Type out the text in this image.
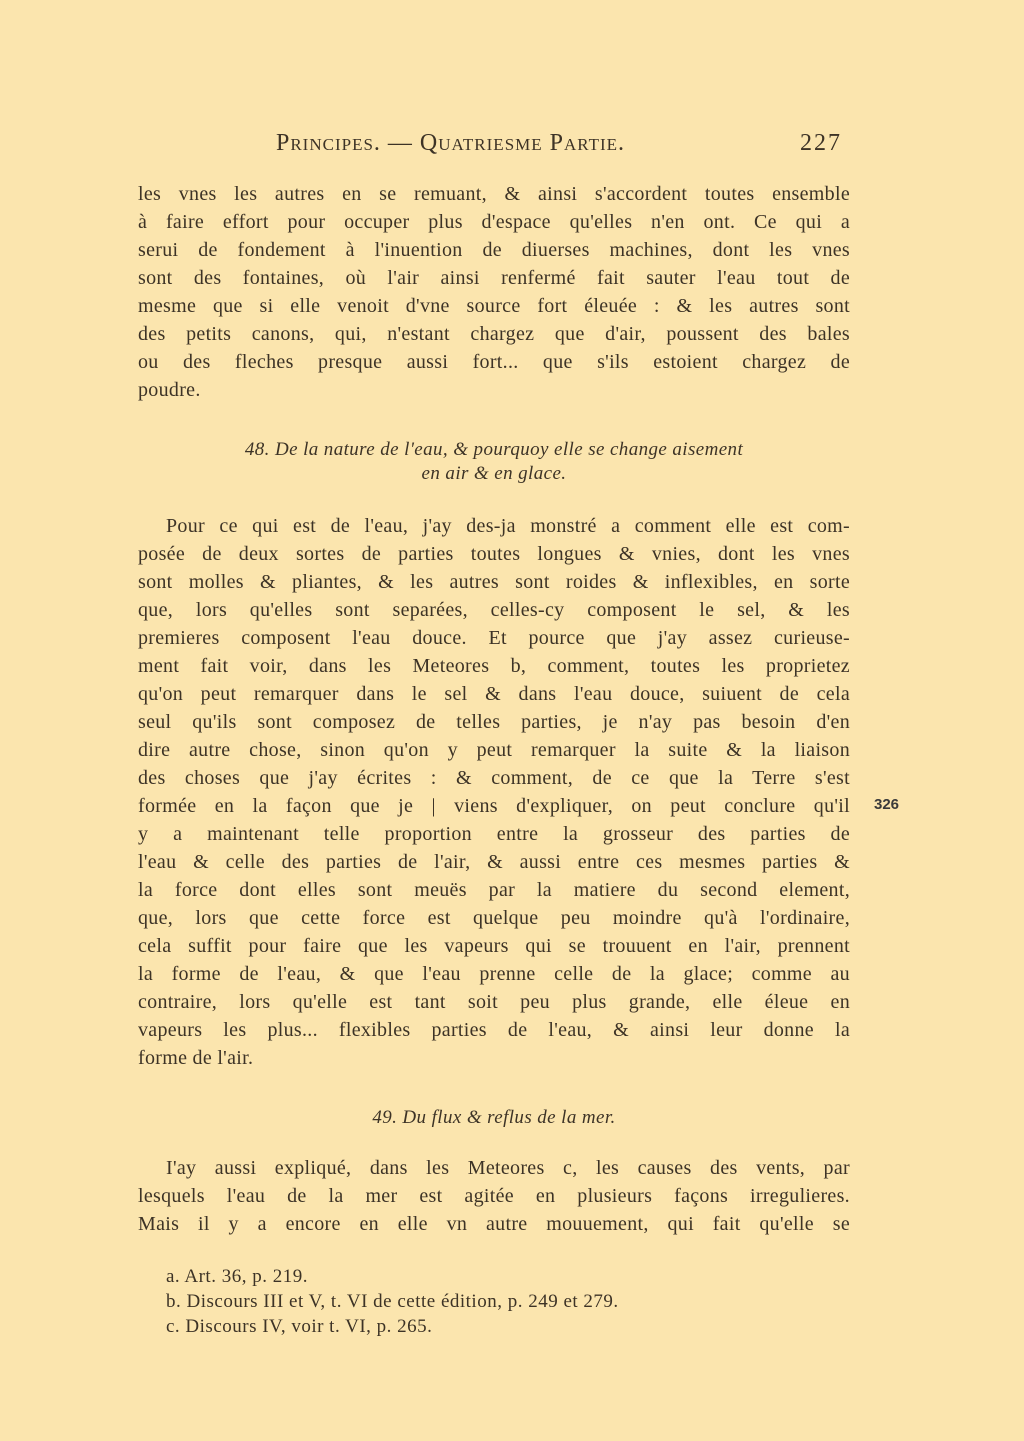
Principes. — Quatriesme Partie.	227
les vnes les autres en se remuant, & ainsi s'accordent toutes ensemble
à faire effort pour occuper plus d'espace qu'elles n'en ont. Ce qui a
serui de fondement à l'inuention de diuerses machines, dont les vnes
sont des fontaines, où l'air ainsi renfermé fait sauter l'eau tout de
mesme que si elle venoit d'vne source fort éleuée : & les autres sont
des petits canons, qui, n'estant chargez que d'air, poussent des bales
ou des fleches presque aussi fort... que s'ils estoient chargez de
poudre.
48. De la nature de l'eau, & pourquoy elle se change aisement
en air & en glace.
Pour ce qui est de l'eau, j'ay des-ja monstré a comment elle est com-
posée de deux sortes de parties toutes longues & vnies, dont les vnes
sont molles & pliantes, & les autres sont roides & inflexibles, en sorte
que, lors qu'elles sont separées, celles-cy composent le sel, & les
premieres composent l'eau douce. Et pource que j'ay assez curieuse-
ment fait voir, dans les Meteores b, comment, toutes les proprietez
qu'on peut remarquer dans le sel & dans l'eau douce, suiuent de cela
seul qu'ils sont composez de telles parties, je n'ay pas besoin d'en
dire autre chose, sinon qu'on y peut remarquer la suite & la liaison
des choses que j'ay écrites : & comment, de ce que la Terre s'est
formée en la façon que je | viens d'expliquer, on peut conclure qu'il
y a maintenant telle proportion entre la grosseur des parties de
l'eau & celle des parties de l'air, & aussi entre ces mesmes parties &
la force dont elles sont meuës par la matiere du second element,
que, lors que cette force est quelque peu moindre qu'à l'ordinaire,
cela suffit pour faire que les vapeurs qui se trouuent en l'air, prennent
la forme de l'eau, & que l'eau prenne celle de la glace; comme au
contraire, lors qu'elle est tant soit peu plus grande, elle éleue en
vapeurs les plus... flexibles parties de l'eau, & ainsi leur donne la
forme de l'air.
326
49. Du flux & reflus de la mer.
I'ay aussi expliqué, dans les Meteores c, les causes des vents, par
lesquels l'eau de la mer est agitée en plusieurs façons irregulieres.
Mais il y a encore en elle vn autre mouuement, qui fait qu'elle se
a. Art. 36, p. 219.
b. Discours III et V, t. VI de cette édition, p. 249 et 279.
c. Discours IV, voir t. VI, p. 265.
